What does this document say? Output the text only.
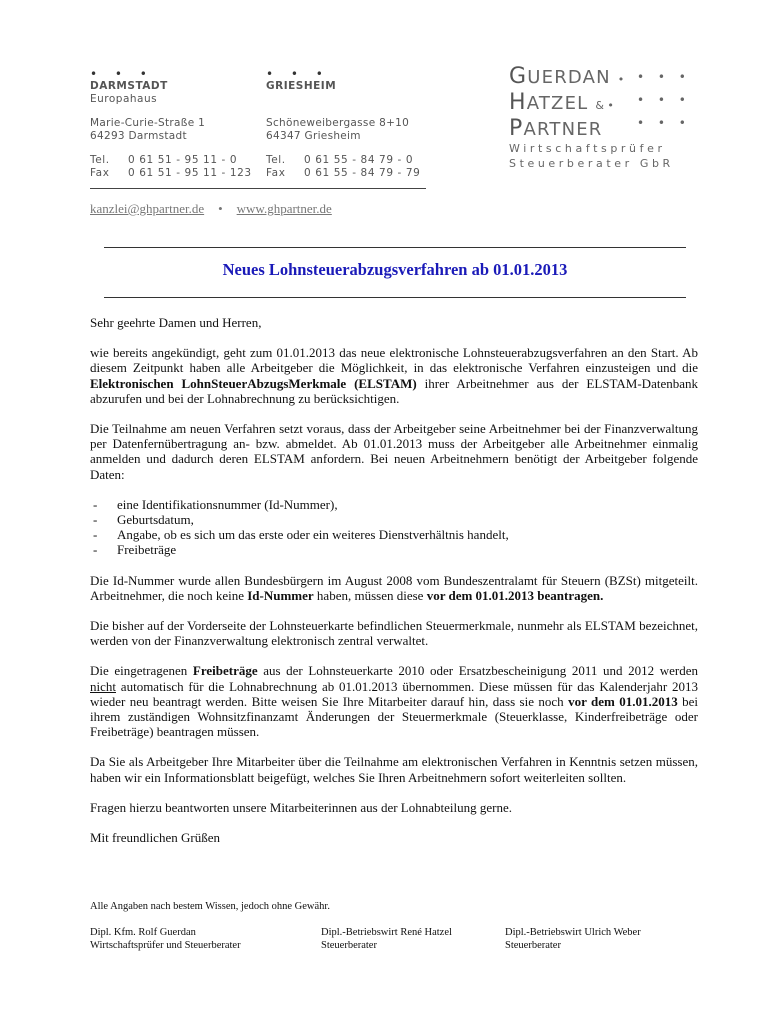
• • •
DARMSTADT
Europahaus
Marie-Curie-Straße 1
64293 Darmstadt
Tel. 0 61 51 - 95 11 - 0
Fax 0 61 51 - 95 11 - 123
• • •
GRIESHEIM
Schöneweibergasse 8+10
64347 Griesheim
Tel. 0 61 55 - 84 79 - 0
Fax 0 61 55 - 84 79 - 79
kanzlei@ghpartner.de • www.ghpartner.de
GUERDAN •
HATZEL & •
PARTNER
• • •
• • •
• • •
Wirtschaftsprüfer
Steuerberater GbR
Neues Lohnsteuerabzugsverfahren ab 01.01.2013

Sehr geehrte Damen und Herren,

wie bereits angekündigt, geht zum 01.01.2013 das neue elektronische Lohnsteuerabzugsverfahren an den Start. Ab diesem Zeitpunkt haben alle Arbeitgeber die Möglichkeit, in das elektronische Verfahren einzusteigen und die Elektronischen LohnSteuerAbzugsMerkmale (ELSTAM) ihrer Arbeitnehmer aus der ELSTAM-Datenbank abzurufen und bei der Lohnabrechnung zu berücksichtigen.

Die Teilnahme am neuen Verfahren setzt voraus, dass der Arbeitgeber seine Arbeitnehmer bei der Finanzverwaltung per Datenfernübertragung an- bzw. abmeldet. Ab 01.01.2013 muss der Arbeitgeber alle Arbeitnehmer einmalig anmelden und dadurch deren ELSTAM anfordern. Bei neuen Arbeitnehmern benötigt der Arbeitgeber folgende Daten:

- eine Identifikationsnummer (Id-Nummer),
- Geburtsdatum,
- Angabe, ob es sich um das erste oder ein weiteres Dienstverhältnis handelt,
- Freibeträge

Die Id-Nummer wurde allen Bundesbürgern im August 2008 vom Bundeszentralamt für Steuern (BZSt) mitgeteilt. Arbeitnehmer, die noch keine Id-Nummer haben, müssen diese vor dem 01.01.2013 beantragen.

Die bisher auf der Vorderseite der Lohnsteuerkarte befindlichen Steuermerkmale, nunmehr als ELSTAM bezeichnet, werden von der Finanzverwaltung elektronisch zentral verwaltet.

Die eingetragenen Freibeträge aus der Lohnsteuerkarte 2010 oder Ersatzbescheinigung 2011 und 2012 werden nicht automatisch für die Lohnabrechnung ab 01.01.2013 übernommen. Diese müssen für das Kalenderjahr 2013 wieder neu beantragt werden. Bitte weisen Sie Ihre Mitarbeiter darauf hin, dass sie noch vor dem 01.01.2013 bei ihrem zuständigen Wohnsitzfinanzamt Änderungen der Steuermerkmale (Steuerklasse, Kinderfreibeträge oder Freibeträge) beantragen müssen.

Da Sie als Arbeitgeber Ihre Mitarbeiter über die Teilnahme am elektronischen Verfahren in Kenntnis setzen müssen, haben wir ein Informationsblatt beigefügt, welches Sie Ihren Arbeitnehmern sofort weiterleiten sollten.

Fragen hierzu beantworten unsere Mitarbeiterinnen aus der Lohnabteilung gerne.

Mit freundlichen Grüßen

Alle Angaben nach bestem Wissen, jedoch ohne Gewähr.
Dipl. Kfm. Rolf Guerdan
Wirtschaftsprüfer und Steuerberater
Dipl.-Betriebswirt René Hatzel
Steuerberater
Dipl.-Betriebswirt Ulrich Weber
Steuerberater
